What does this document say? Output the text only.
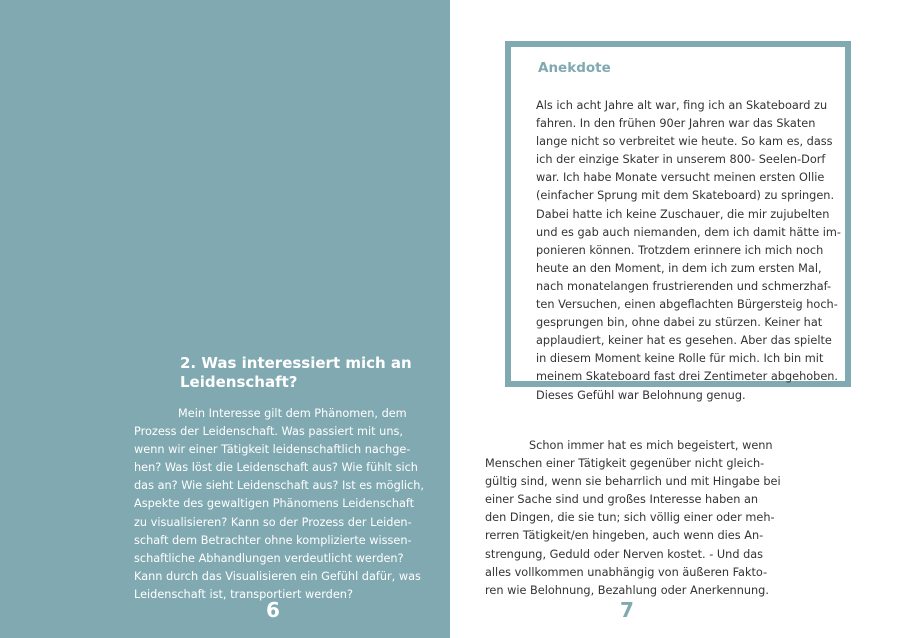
2. Was interessiert mich an
Leidenschaft?
Mein Interesse gilt dem Phänomen, dem
Prozess der Leidenschaft. Was passiert mit uns,
wenn wir einer Tätigkeit leidenschaftlich nachge-
hen? Was löst die Leidenschaft aus? Wie fühlt sich
das an? Wie sieht Leidenschaft aus? Ist es möglich,
Aspekte des gewaltigen Phänomens Leidenschaft
zu visualisieren? Kann so der Prozess der Leiden-
schaft dem Betrachter ohne komplizierte wissen-
schaftliche Abhandlungen verdeutlicht werden?
Kann durch das Visualisieren ein Gefühl dafür, was
Leidenschaft ist, transportiert werden?
6
Anekdote
Als ich acht Jahre alt war, fing ich an Skateboard zu
fahren. In den frühen 90er Jahren war das Skaten
lange nicht so verbreitet wie heute. So kam es, dass
ich der einzige Skater in unserem 800- Seelen-Dorf
war. Ich habe Monate versucht meinen ersten Ollie
(einfacher Sprung mit dem Skateboard) zu springen.
Dabei hatte ich keine Zuschauer, die mir zujubelten
und es gab auch niemanden, dem ich damit hätte im-
ponieren können. Trotzdem erinnere ich mich noch
heute an den Moment, in dem ich zum ersten Mal,
nach monatelangen frustrierenden und schmerzhaf-
ten Versuchen, einen abgeflachten Bürgersteig hoch-
gesprungen bin, ohne dabei zu stürzen. Keiner hat
applaudiert, keiner hat es gesehen. Aber das spielte
in diesem Moment keine Rolle für mich. Ich bin mit
meinem Skateboard fast drei Zentimeter abgehoben.
Dieses Gefühl war Belohnung genug.
Schon immer hat es mich begeistert, wenn
Menschen einer Tätigkeit gegenüber nicht gleich-
gültig sind, wenn sie beharrlich und mit Hingabe bei
einer Sache sind und großes Interesse haben an
den Dingen, die sie tun; sich völlig einer oder meh-
rerren Tätigkeit/en hingeben, auch wenn dies An-
strengung, Geduld oder Nerven kostet. - Und das
alles vollkommen unabhängig von äußeren Fakto-
ren wie Belohnung, Bezahlung oder Anerkennung.
7
